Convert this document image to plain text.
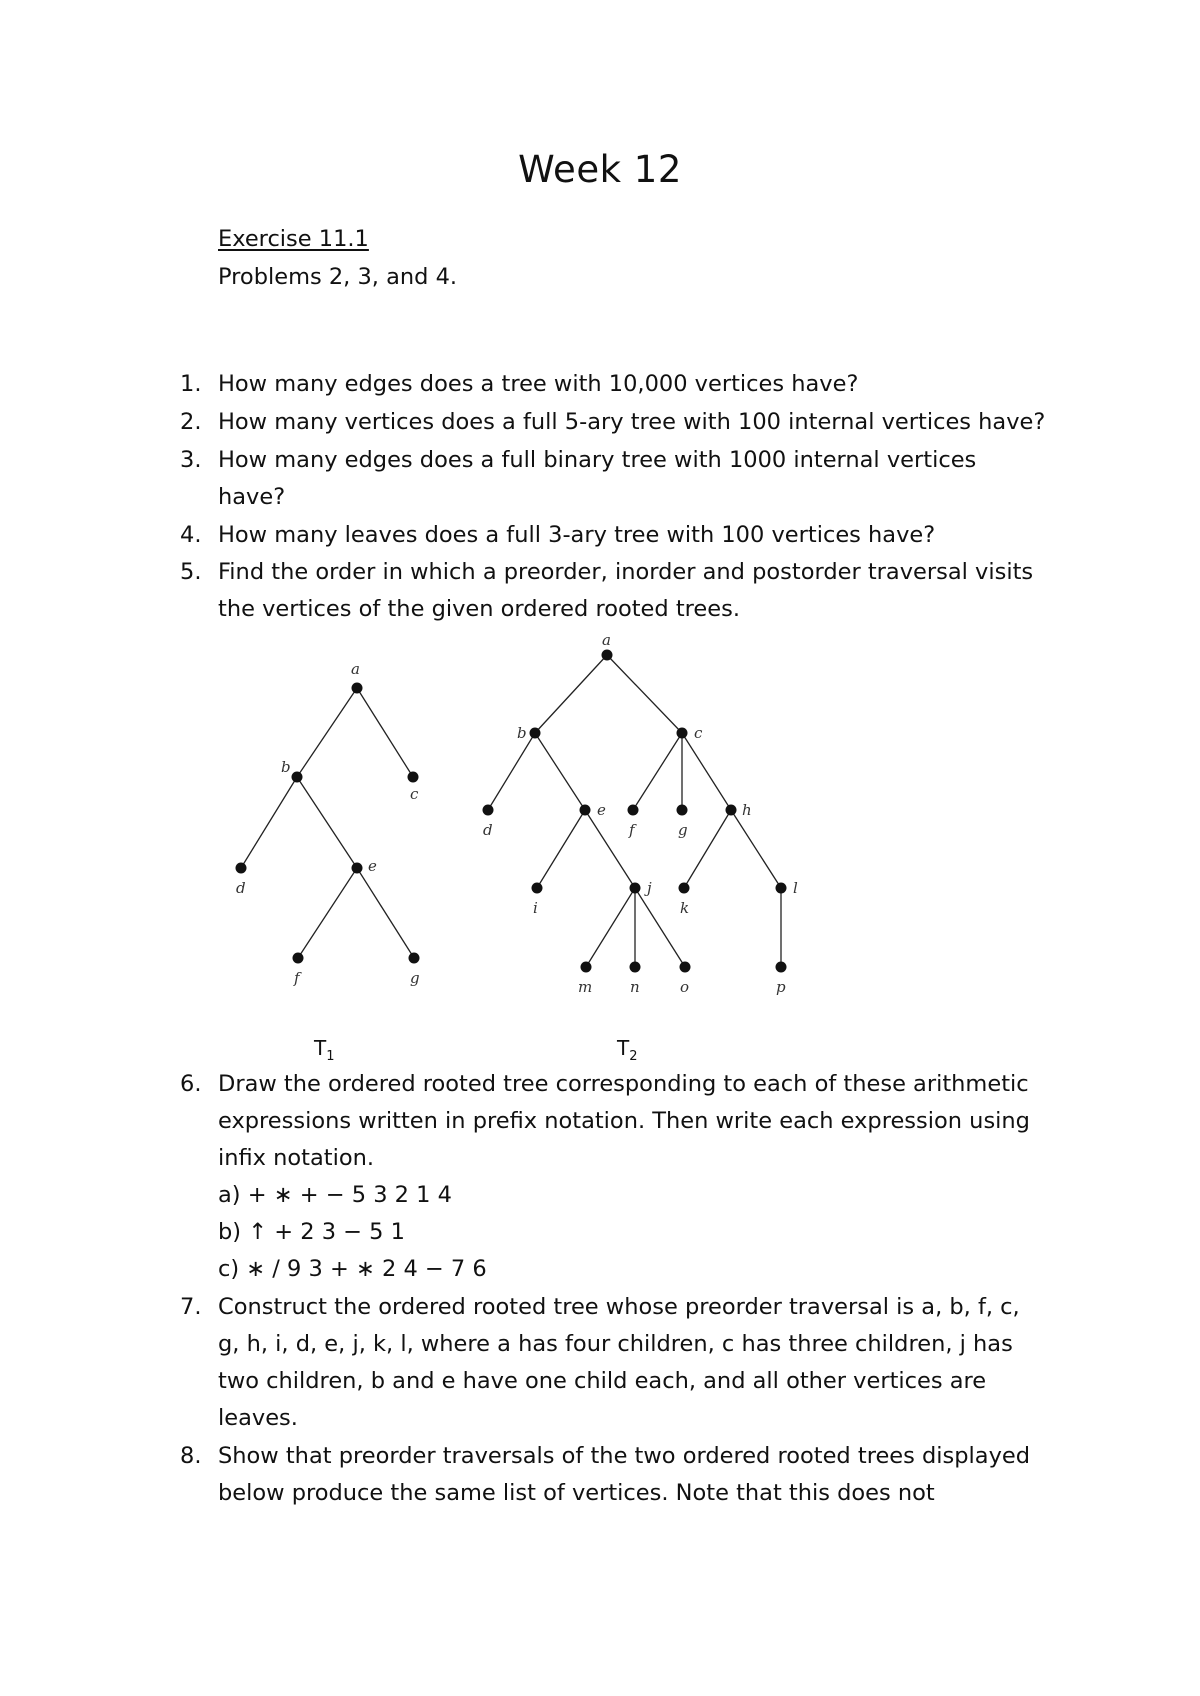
Week 12
Exercise 11.1
Problems 2, 3, and 4.
1. How many edges does a tree with 10,000 vertices have?
2. How many vertices does a full 5-ary tree with 100 internal vertices have?
3. How many edges does a full binary tree with 1000 internal vertices
have?
4. How many leaves does a full 3-ary tree with 100 vertices have?
5. Find the order in which a preorder, inorder and postorder traversal visits
the vertices of the given ordered rooted trees.
a
b
c
d
e
f	g
a
b	c
d
e
f	g
h
i
j
k
l
m	n	o	p
$T_1$	$T_2$
6. Draw the ordered rooted tree corresponding to each of these arithmetic
expressions written in prefix notation. Then write each expression using
infix notation.
a) + ∗ + − 5 3 2 1 4
b) ↑ + 2 3 − 5 1
c) ∗ / 9 3 + ∗ 2 4 − 7 6
7. Construct the ordered rooted tree whose preorder traversal is a, b, f, c,
g, h, i, d, e, j, k, l, where a has four children, c has three children, j has
two children, b and e have one child each, and all other vertices are
leaves.
8. Show that preorder traversals of the two ordered rooted trees displayed
below produce the same list of vertices. Note that this does not
